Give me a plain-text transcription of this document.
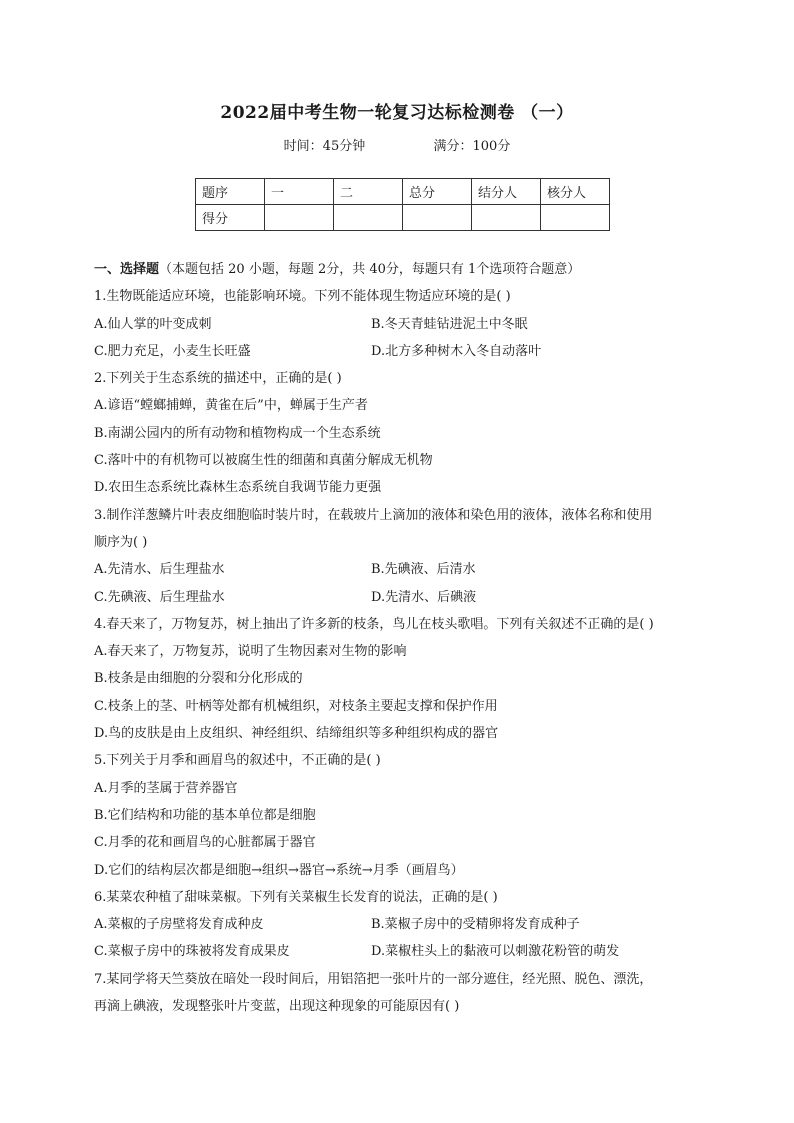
2022届中考生物一轮复习达标检测卷 （一）
时间：45分钟	满分：100分
题序	一	二	总分	结分人	核分人
得分					
一、选择题（本题包括 20 小题，每题 2分，共 40分，每题只有 1个选项符合题意）
1.生物既能适应环境，也能影响环境。下列不能体现生物适应环境的是( )
A.仙人掌的叶变成刺	B.冬天青蛙钻进泥土中冬眠
C.肥力充足，小麦生长旺盛	D.北方多种树木入冬自动落叶
2.下列关于生态系统的描述中，正确的是( )
A.谚语“螳螂捕蝉，黄雀在后”中，蝉属于生产者
B.南湖公园内的所有动物和植物构成一个生态系统
C.落叶中的有机物可以被腐生性的细菌和真菌分解成无机物
D.农田生态系统比森林生态系统自我调节能力更强
3.制作洋葱鳞片叶表皮细胞临时装片时，在载玻片上滴加的液体和染色用的液体，液体名称和使用
顺序为( )
A.先清水、后生理盐水	B.先碘液、后清水
C.先碘液、后生理盐水	D.先清水、后碘液
4.春天来了，万物复苏，树上抽出了许多新的枝条，鸟儿在枝头歌唱。下列有关叙述不正确的是( )
A.春天来了，万物复苏，说明了生物因素对生物的影响
B.枝条是由细胞的分裂和分化形成的
C.枝条上的茎、叶柄等处都有机械组织，对枝条主要起支撑和保护作用
D.鸟的皮肤是由上皮组织、神经组织、结缔组织等多种组织构成的器官
5.下列关于月季和画眉鸟的叙述中，不正确的是( )
A.月季的茎属于营养器官
B.它们结构和功能的基本单位都是细胞
C.月季的花和画眉鸟的心脏都属于器官
D.它们的结构层次都是细胞→组织→器官→系统→月季（画眉鸟）
6.某菜农种植了甜味菜椒。下列有关菜椒生长发育的说法，正确的是( )
A.菜椒的子房壁将发育成种皮	B.菜椒子房中的受精卵将发育成种子
C.菜椒子房中的珠被将发育成果皮	D.菜椒柱头上的黏液可以刺激花粉管的萌发
7.某同学将天竺葵放在暗处一段时间后，用铝箔把一张叶片的一部分遮住，经光照、脱色、漂洗，
再滴上碘液，发现整张叶片变蓝，出现这种现象的可能原因有( )
